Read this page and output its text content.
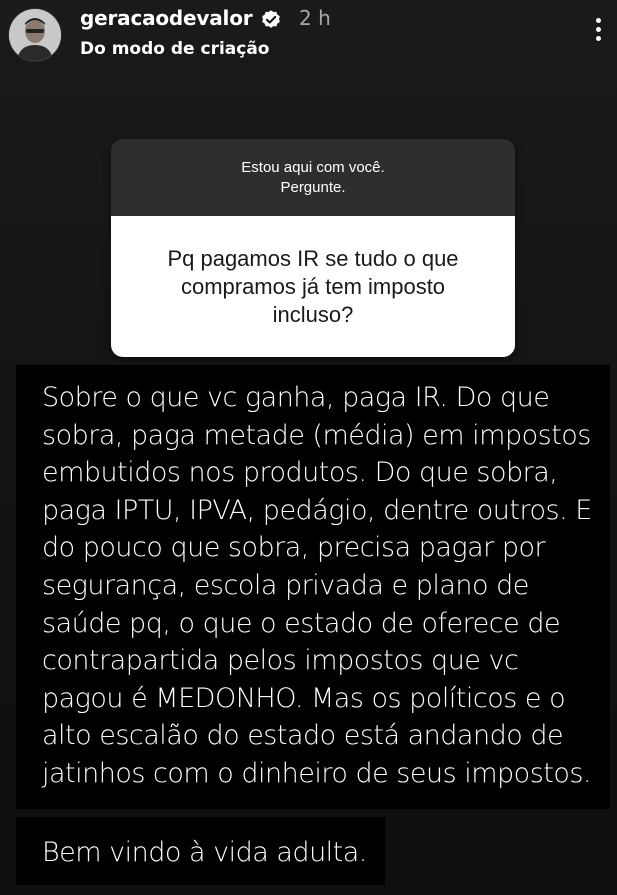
geracaodevalor 2 h
Do modo de criação
Estou aqui com você.
Pergunte.
Pq pagamos IR se tudo o que compramos já tem imposto incluso?
Sobre o que vc ganha, paga IR. Do que sobra, paga metade (média) em impostos embutidos nos produtos. Do que sobra, paga IPTU, IPVA, pedágio, dentre outros. E do pouco que sobra, precisa pagar por segurança, escola privada e plano de saúde pq, o que o estado de oferece de contrapartida pelos impostos que vc pagou é MEDONHO. Mas os políticos e o alto escalão do estado está andando de jatinhos com o dinheiro de seus impostos.
Bem vindo à vida adulta.
